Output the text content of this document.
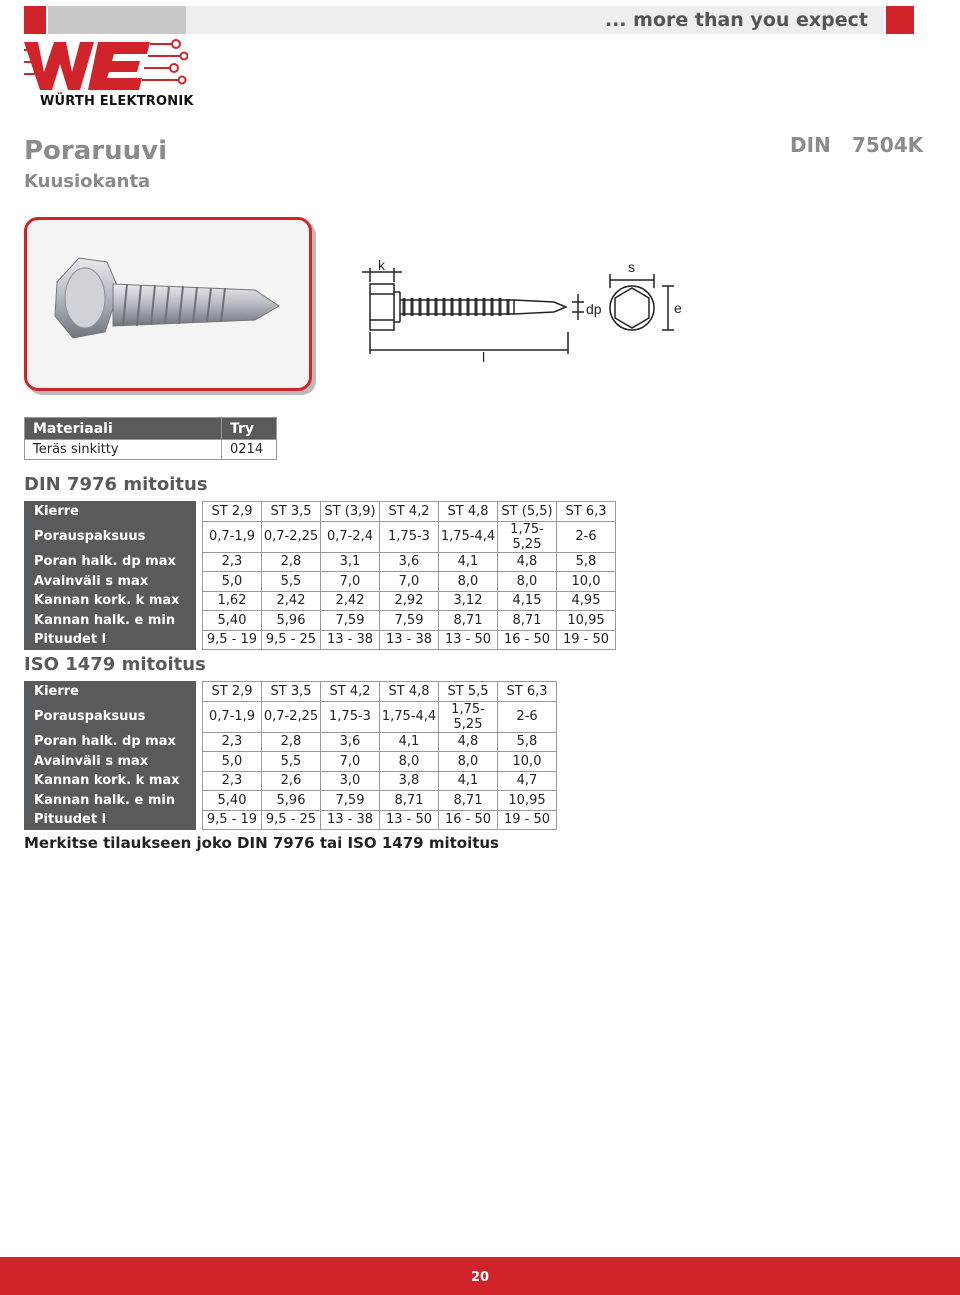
... more than you expect
WÜRTH ELEKTRONIK
Poraruuvi
Kuusiokanta
DIN 7504K
k	s
dp	e
l
Materiaali	Try
Teräs sinkitty	0214
DIN 7976 mitoitus
Kierre		ST 2,9	ST 3,5	ST (3,9)	ST 4,2	ST 4,8	ST (5,5)	ST 6,3
Porauspaksuus		0,7-1,9	0,7-2,25	0,7-2,4	1,75-3	1,75-4,4	1,75-5,25	2-6
Poran halk. dp max		2,3	2,8	3,1	3,6	4,1	4,8	5,8
Avainväli s max		5,0	5,5	7,0	7,0	8,0	8,0	10,0
Kannan kork. k max		1,62	2,42	2,42	2,92	3,12	4,15	4,95
Kannan halk. e min		5,40	5,96	7,59	7,59	8,71	8,71	10,95
Pituudet l		9,5 - 19	9,5 - 25	13 - 38	13 - 38	13 - 50	16 - 50	19 - 50
ISO 1479 mitoitus
Kierre		ST 2,9	ST 3,5	ST 4,2	ST 4,8	ST 5,5	ST 6,3
Porauspaksuus		0,7-1,9	0,7-2,25	1,75-3	1,75-4,4	1,75-5,25	2-6
Poran halk. dp max		2,3	2,8	3,6	4,1	4,8	5,8
Avainväli s max		5,0	5,5	7,0	8,0	8,0	10,0
Kannan kork. k max		2,3	2,6	3,0	3,8	4,1	4,7
Kannan halk. e min		5,40	5,96	7,59	8,71	8,71	10,95
Pituudet l		9,5 - 19	9,5 - 25	13 - 38	13 - 50	16 - 50	19 - 50
Merkitse tilaukseen joko DIN 7976 tai ISO 1479 mitoitus
20
